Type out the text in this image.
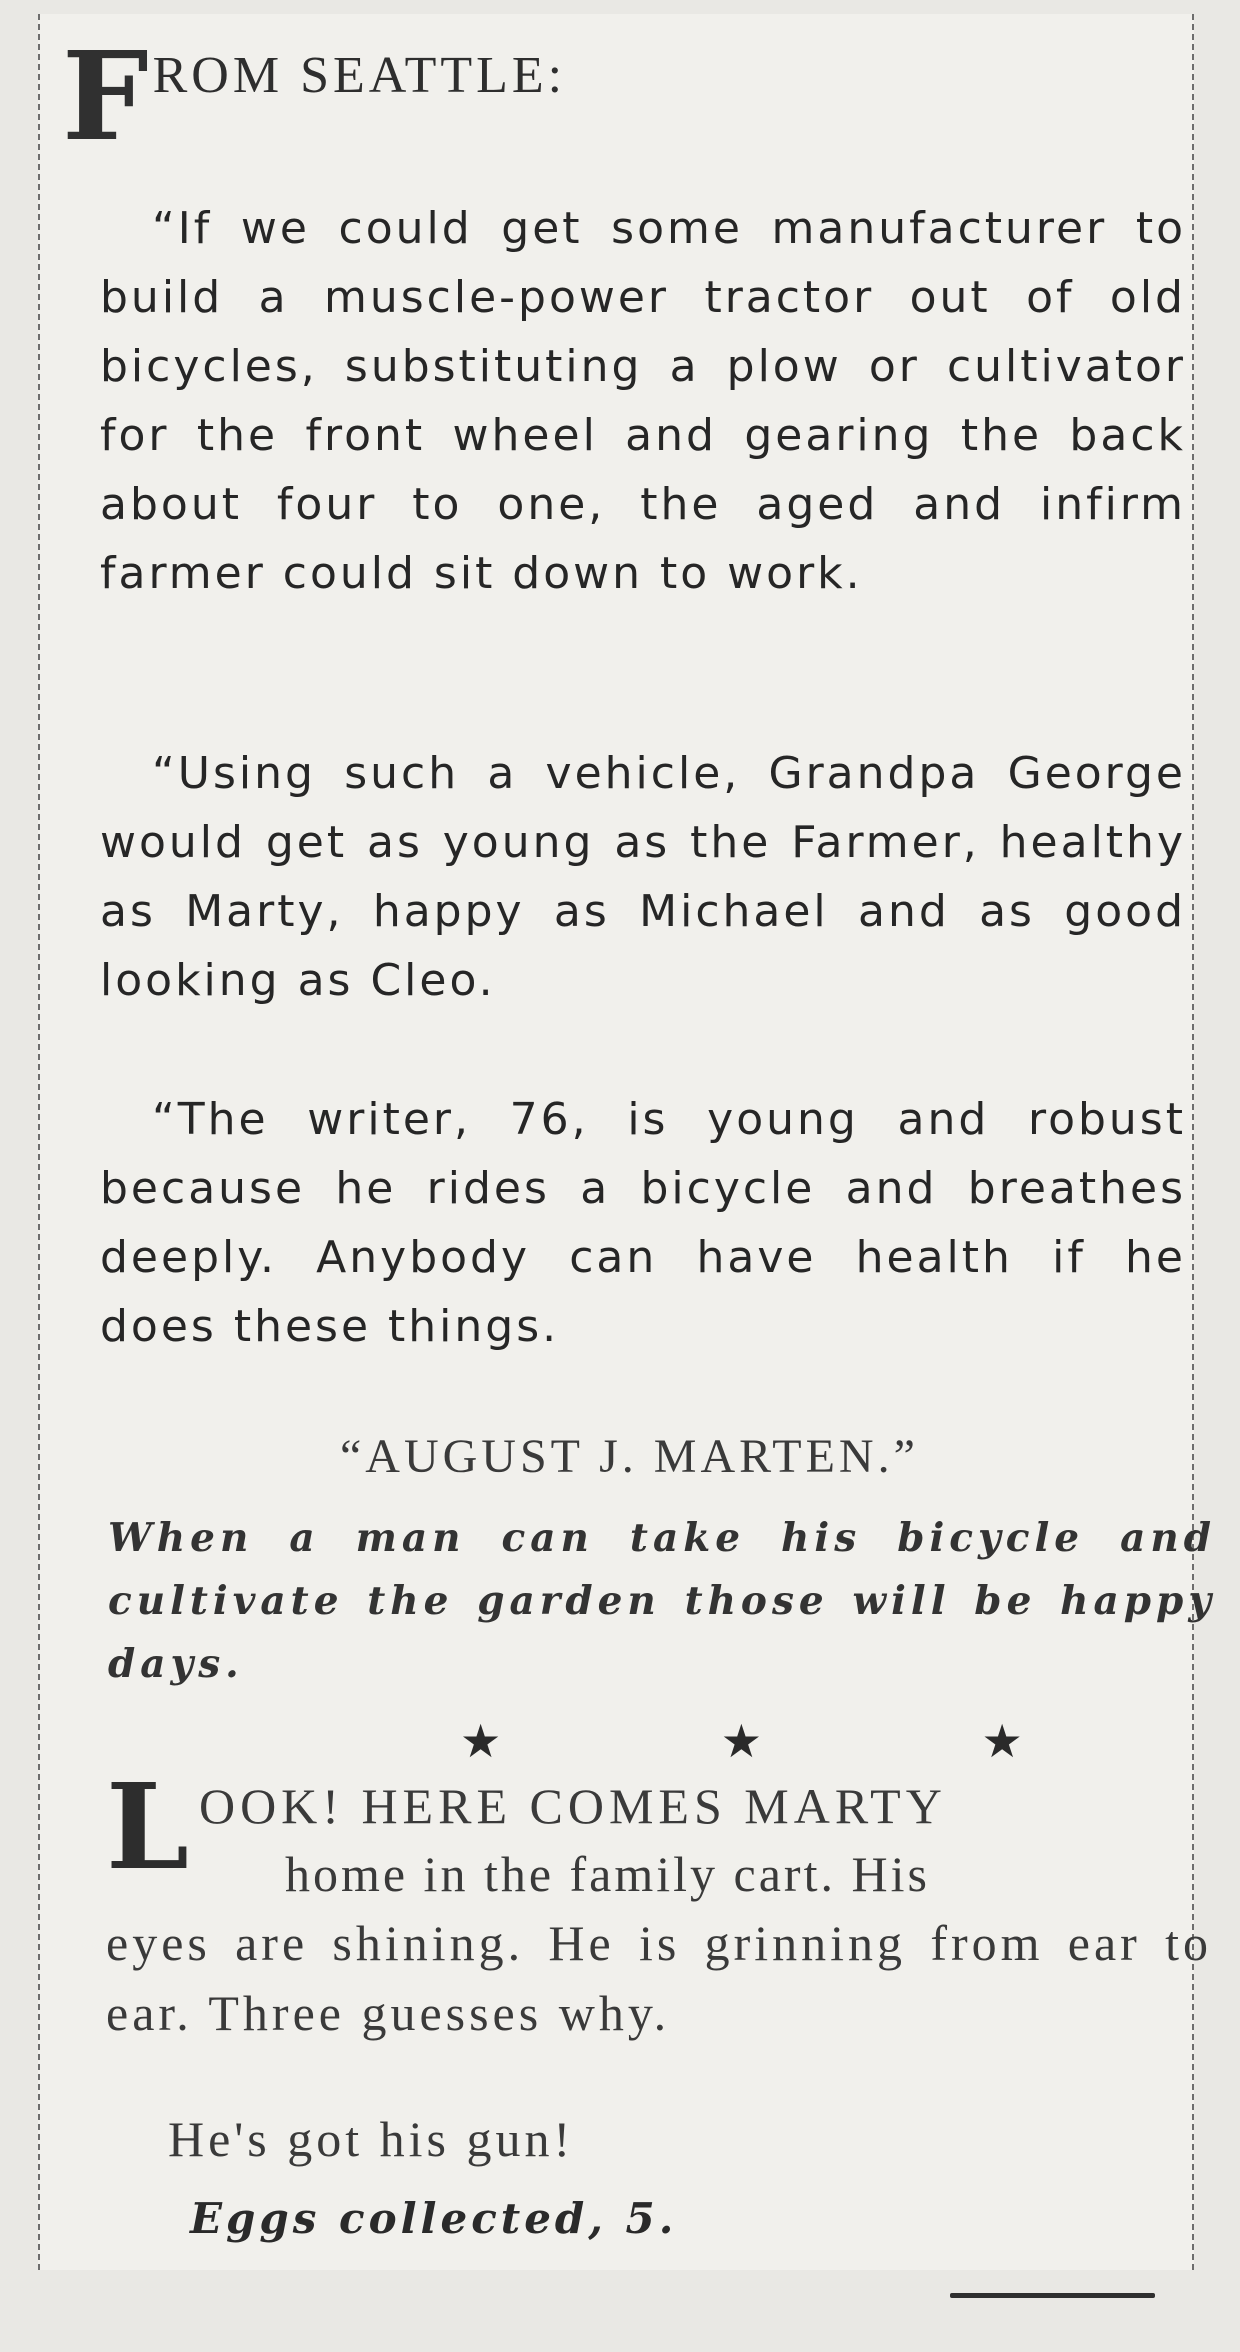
F ROM SEATTLE:
“If we could get some manufacturer to build a muscle-power tractor out of old bicycles, substituting a plow or cultivator for the front wheel and gearing the back about four to one, the aged and infirm farmer could sit down to work.
“Using such a vehicle, Grandpa George would get as young as the Farmer, healthy as Marty, happy as Michael and as good looking as Cleo.
“The writer, 76, is young and robust because he rides a bicycle and breathes deeply. Anybody can have health if he does these things.
“AUGUST J. MARTEN.”
When a man can take his bicycle and cultivate the garden those will be happy days.
★ ★ ★
L OOK! HERE COMES MARTY
home in the family cart. His
eyes are shining. He is grinning from ear to ear. Three guesses why.
He's got his gun!
Eggs collected, 5.
